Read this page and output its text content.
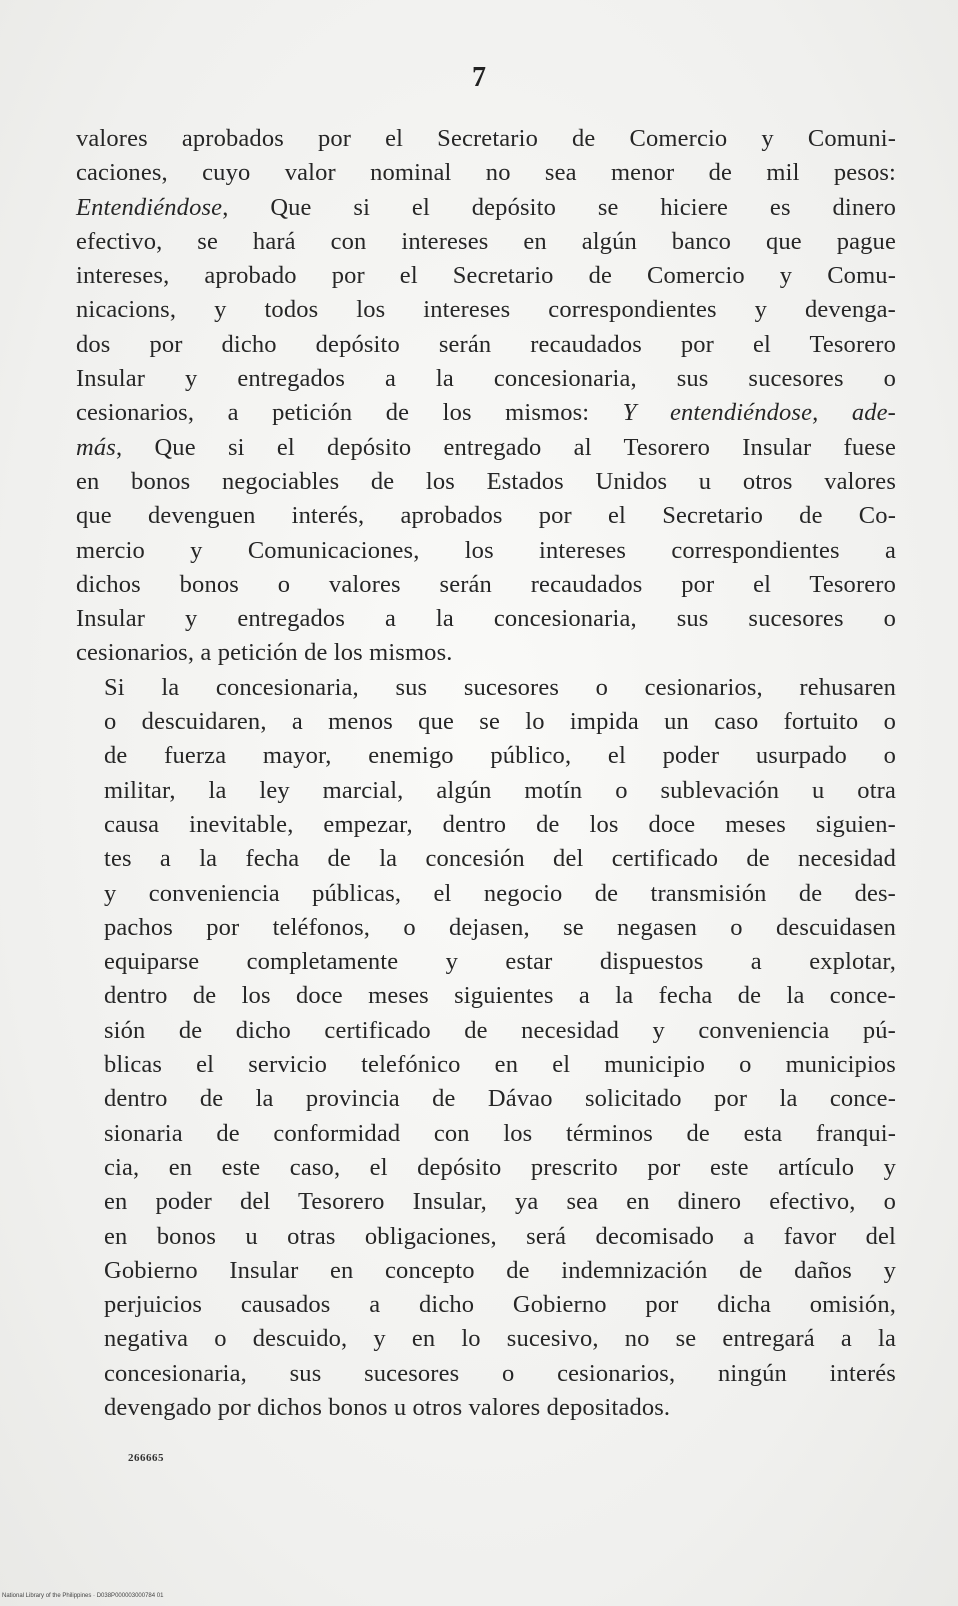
7

valores aprobados por el Secretario de Comercio y Comuni-
caciones, cuyo valor nominal no sea menor de mil pesos:
Entendiéndose, Que si el depósito se hiciere es dinero
efectivo, se hará con intereses en algún banco que pague
intereses, aprobado por el Secretario de Comercio y Comu-
nicacions, y todos los intereses correspondientes y devenga-
dos por dicho depósito serán recaudados por el Tesorero
Insular y entregados a la concesionaria, sus sucesores o
cesionarios, a petición de los mismos: Y entendiéndose, ade-
más, Que si el depósito entregado al Tesorero Insular fuese
en bonos negociables de los Estados Unidos u otros valores
que devenguen interés, aprobados por el Secretario de Co-
mercio y Comunicaciones, los intereses correspondientes a
dichos bonos o valores serán recaudados por el Tesorero
Insular y entregados a la concesionaria, sus sucesores o
cesionarios, a petición de los mismos.

Si la concesionaria, sus sucesores o cesionarios, rehusaren
o descuidaren, a menos que se lo impida un caso fortuito o
de fuerza mayor, enemigo público, el poder usurpado o
militar, la ley marcial, algún motín o sublevación u otra
causa inevitable, empezar, dentro de los doce meses siguien-
tes a la fecha de la concesión del certificado de necesidad
y conveniencia públicas, el negocio de transmisión de des-
pachos por teléfonos, o dejasen, se negasen o descuidasen
equiparse completamente y estar dispuestos a explotar,
dentro de los doce meses siguientes a la fecha de la conce-
sión de dicho certificado de necesidad y conveniencia pú-
blicas el servicio telefónico en el municipio o municipios
dentro de la provincia de Dávao solicitado por la conce-
sionaria de conformidad con los términos de esta franqui-
cia, en este caso, el depósito prescrito por este artículo y
en poder del Tesorero Insular, ya sea en dinero efectivo, o
en bonos u otras obligaciones, será decomisado a favor del
Gobierno Insular en concepto de indemnización de daños y
perjuicios causados a dicho Gobierno por dicha omisión,
negativa o descuido, y en lo sucesivo, no se entregará a la
concesionaria, sus sucesores o cesionarios, ningún interés
devengado por dichos bonos u otros valores depositados.

266665
National Library of the Philippines · D038P000003000784 01
